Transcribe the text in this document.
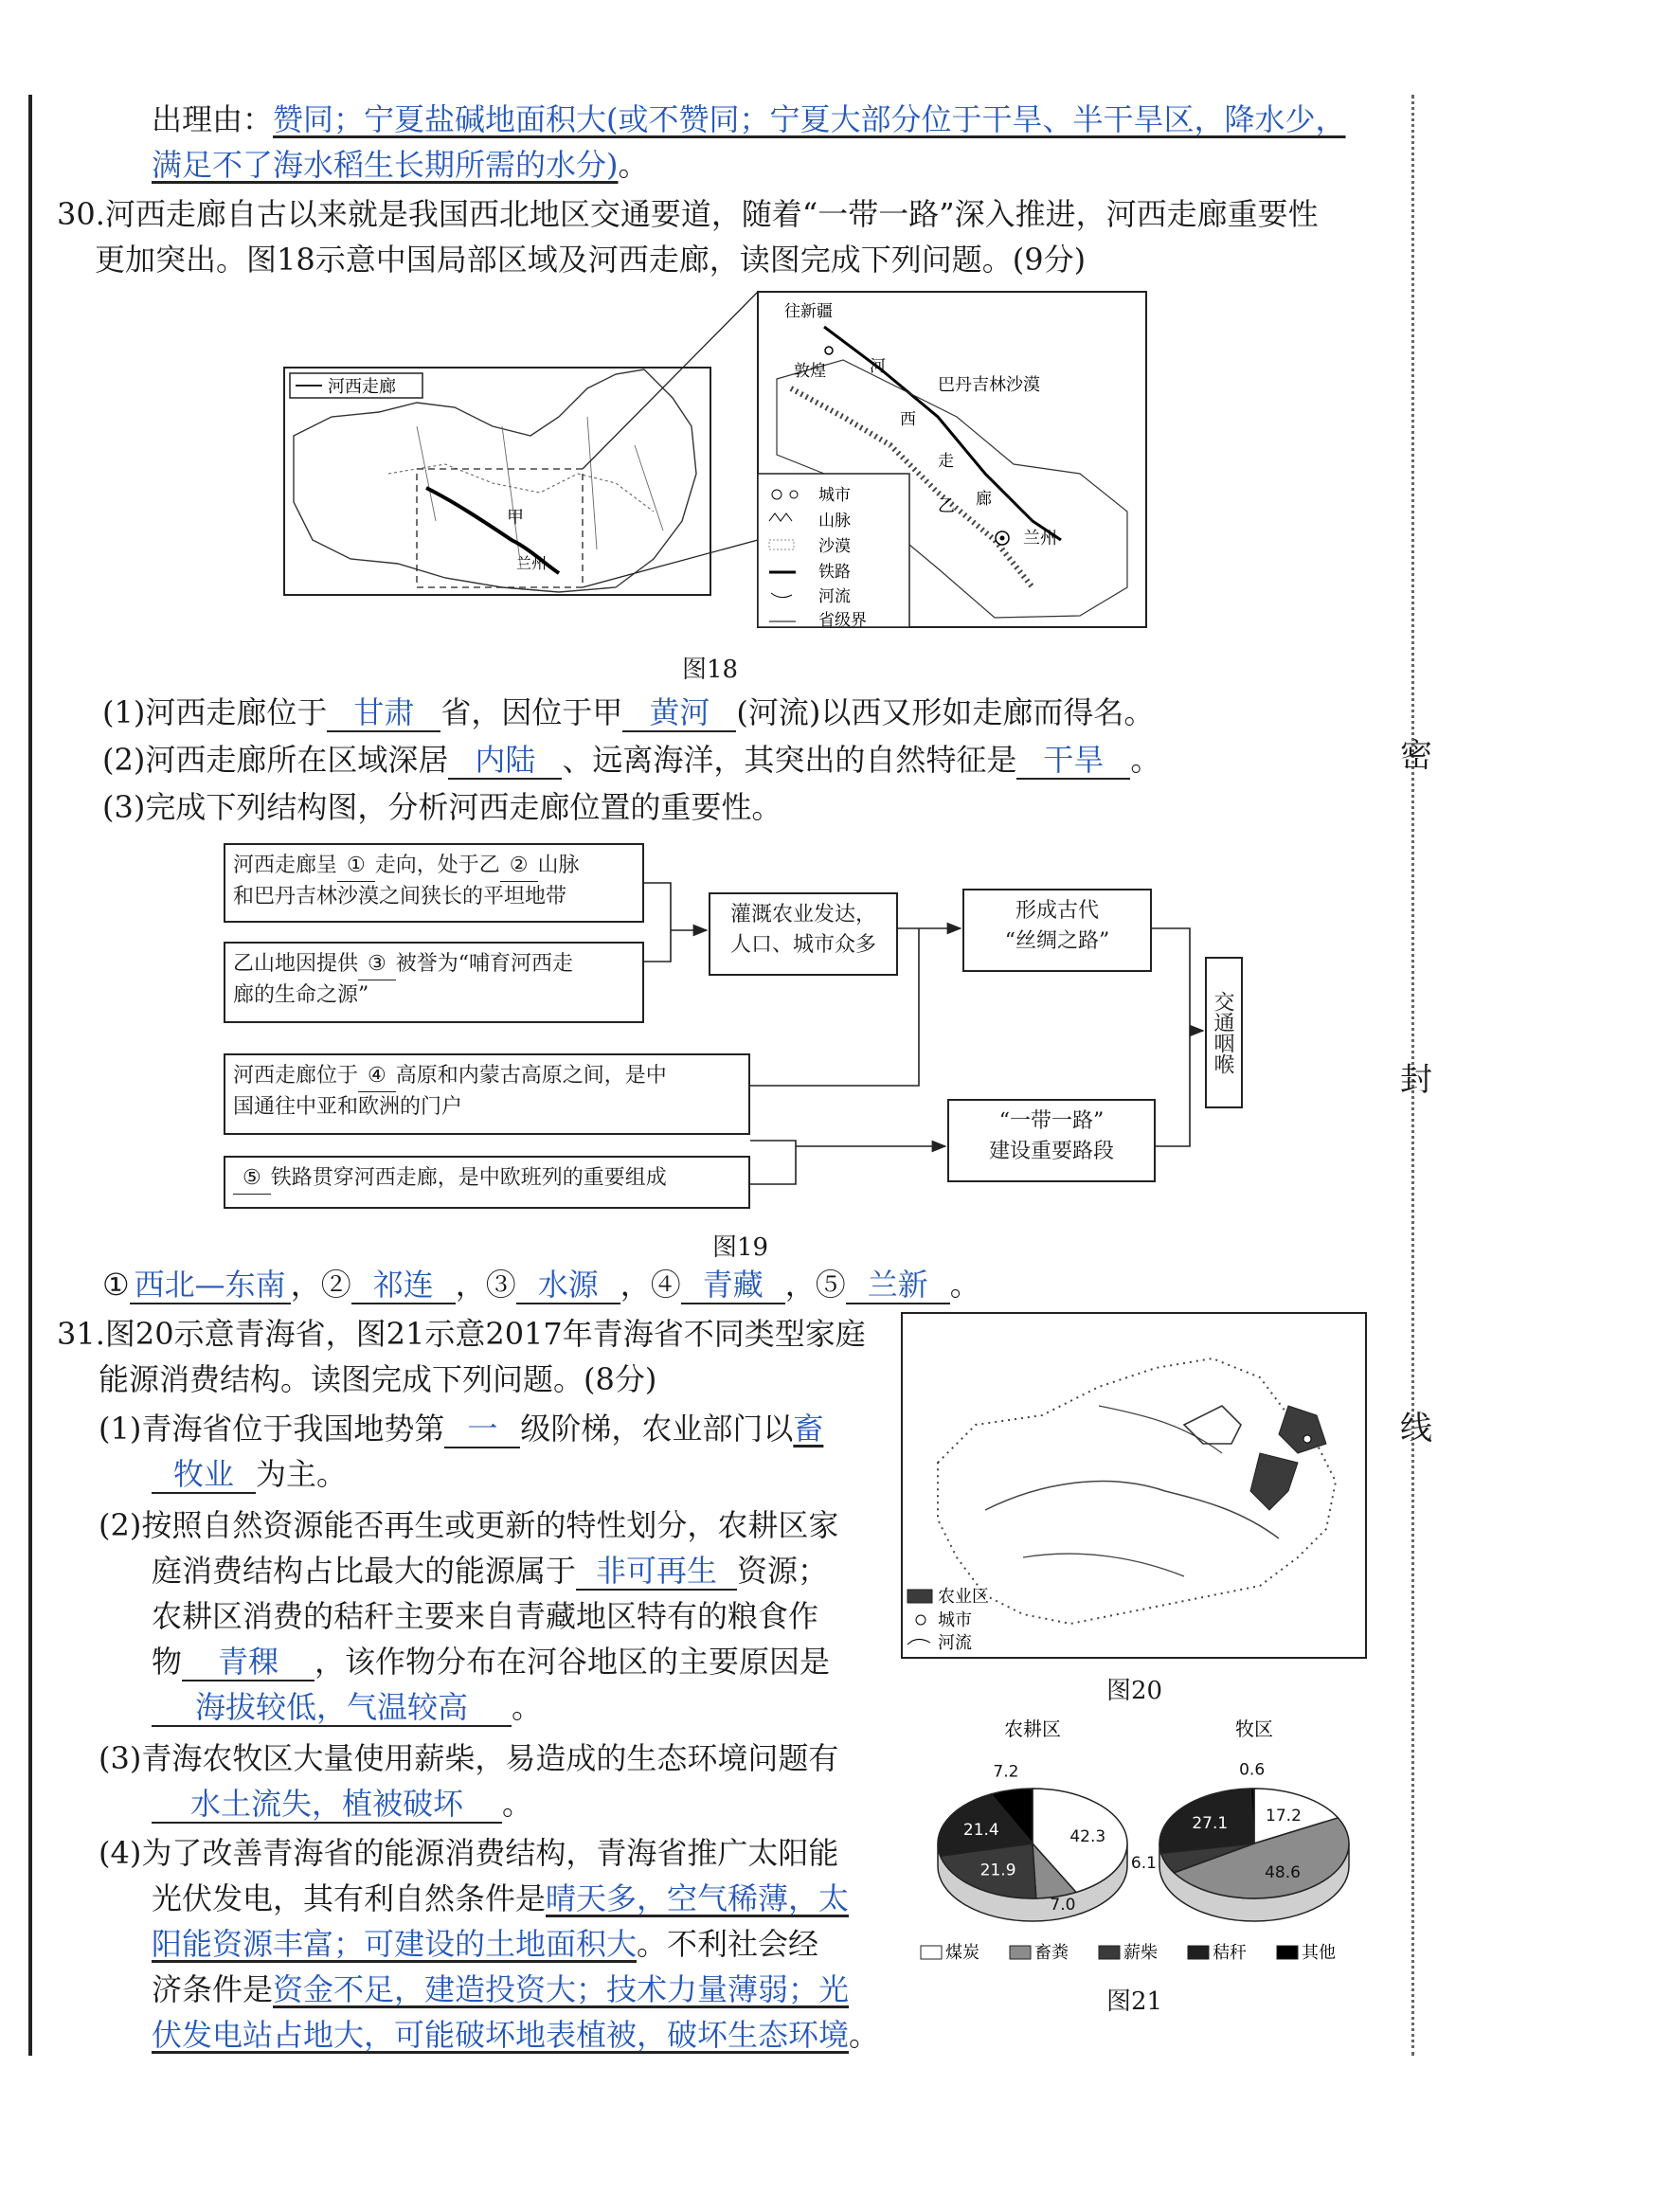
密
封
线
出理由：赞同；宁夏盐碱地面积大(或不赞同；宁夏大部分位于干旱、半干旱区，降水少，
满足不了海水稻生长期所需的水分)。
30.河西走廊自古以来就是我国西北地区交通要道，随着“一带一路”深入推进，河西走廊重要性
更加突出。图18示意中国局部区域及河西走廊，读图完成下列问题。(9分)
河西走廊
甲
兰州
往新疆
敦煌	河
西
走
廊
巴丹吉林沙漠
乙
兰州
城市
山脉
沙漠
铁路
河流
省级界
图18
(1)河西走廊位于 甘肃 省，因位于甲 黄河 (河流)以西又形如走廊而得名。
(2)河西走廊所在区域深居 内陆 、远离海洋，其突出的自然特征是 干旱 。
(3)完成下列结构图，分析河西走廊位置的重要性。
河西走廊呈 ① 走向，处于乙 ② 山脉
和巴丹吉林沙漠之间狭长的平坦地带
乙山地因提供 ③ 被誉为“哺育河西走
廊的生命之源”
河西走廊位于 ④ 高原和内蒙古高原之间，是中
国通往中亚和欧洲的门户
⑤ 铁路贯穿河西走廊，是中欧班列的重要组成
灌溉农业发达，
人口、城市众多
形成古代
“丝绸之路”
“一带一路”
建设重要路段
交通咽喉
图19
① 西北—东南 ，② 祁连 ，③ 水源 ，④ 青藏 ，⑤ 兰新 。
31.图20示意青海省，图21示意2017年青海省不同类型家庭
能源消费结构。读图完成下列问题。(8分)
(1)青海省位于我国地势第 一 级阶梯，农业部门以畜
牧业 为主。
(2)按照自然资源能否再生或更新的特性划分，农耕区家
庭消费结构占比最大的能源属于 非可再生 资源；
农耕区消费的秸秆主要来自青藏地区特有的粮食作
物 青稞 ，该作物分布在河谷地区的主要原因是
海拔较低，气温较高 。
(3)青海农牧区大量使用薪柴，易造成的生态环境问题有
水土流失，植被破坏 。
(4)为了改善青海省的能源消费结构，青海省推广太阳能
光伏发电，其有利自然条件是晴天多，空气稀薄，太
阳能资源丰富；可建设的土地面积大。不利社会经
济条件是资金不足，建造投资大；技术力量薄弱；光
伏发电站占地大，可能破坏地表植被，破坏生态环境。
农业区
城市
河流
图20
农耕区	牧区
42.3
7.0
21.9
21.4
7.2
17.2
48.6
6.1
27.1
0.6
煤炭	畜粪	薪柴	秸秆	其他
图21
